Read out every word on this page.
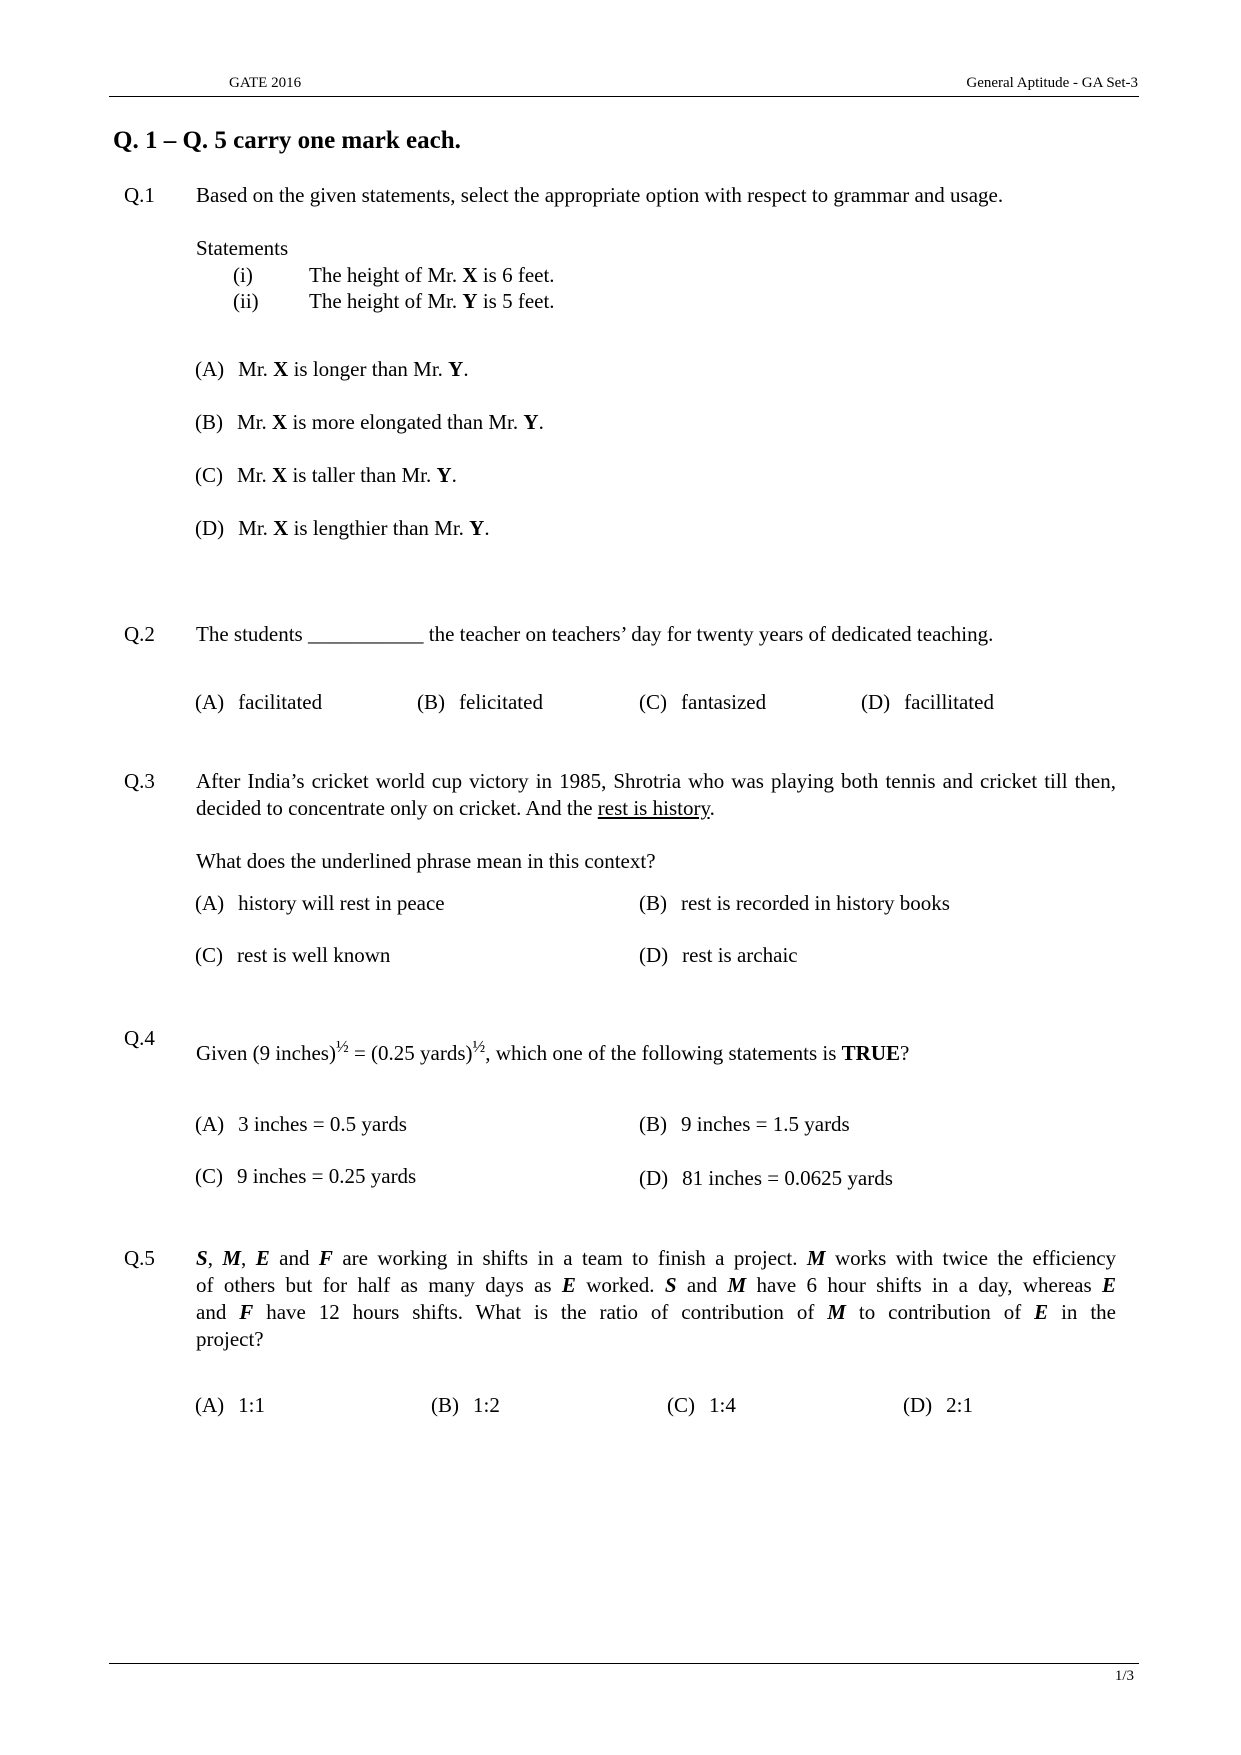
GATE 2016	General Aptitude - GA Set-3
Q. 1 – Q. 5 carry one mark each.
Q.1 Based on the given statements, select the appropriate option with respect to grammar and usage.
Statements
(i)	The height of Mr. X is 6 feet.
(ii) The height of Mr. Y is 5 feet.
(A) Mr. X is longer than Mr. Y.
(B) Mr. X is more elongated than Mr. Y.
(C) Mr. X is taller than Mr. Y.
(D) Mr. X is lengthier than Mr. Y.
Q.2 The students ___________ the teacher on teachers’ day for twenty years of dedicated teaching.
(A) facilitated	(B) felicitated	(C) fantasized	(D) facillitated
Q.3 After India’s cricket world cup victory in 1985, Shrotria who was playing both tennis and cricket till then, decided to concentrate only on cricket. And the rest is history.
What does the underlined phrase mean in this context?
(A) history will rest in peace	(B) rest is recorded in history books
(C) rest is well known	(D) rest is archaic
Q.4
Given (9 inches)$^{\frac{1}{2}}$ = (0.25 yards)$^{\frac{1}{2}}$, which one of the following statements is TRUE?
(A) 3 inches = 0.5 yards	(B) 9 inches = 1.5 yards
(C) 9 inches = 0.25 yards	(D) 81 inches = 0.0625 yards
Q.5 S, M, E and F are working in shifts in a team to finish a project. M works with twice the efficiency
of others but for half as many days as E worked. S and M have 6 hour shifts in a day, whereas E
and F have 12 hours shifts. What is the ratio of contribution of M to contribution of E in the
project?
(A) 1:1	(B) 1:2	(C) 1:4	(D) 2:1
1/3
